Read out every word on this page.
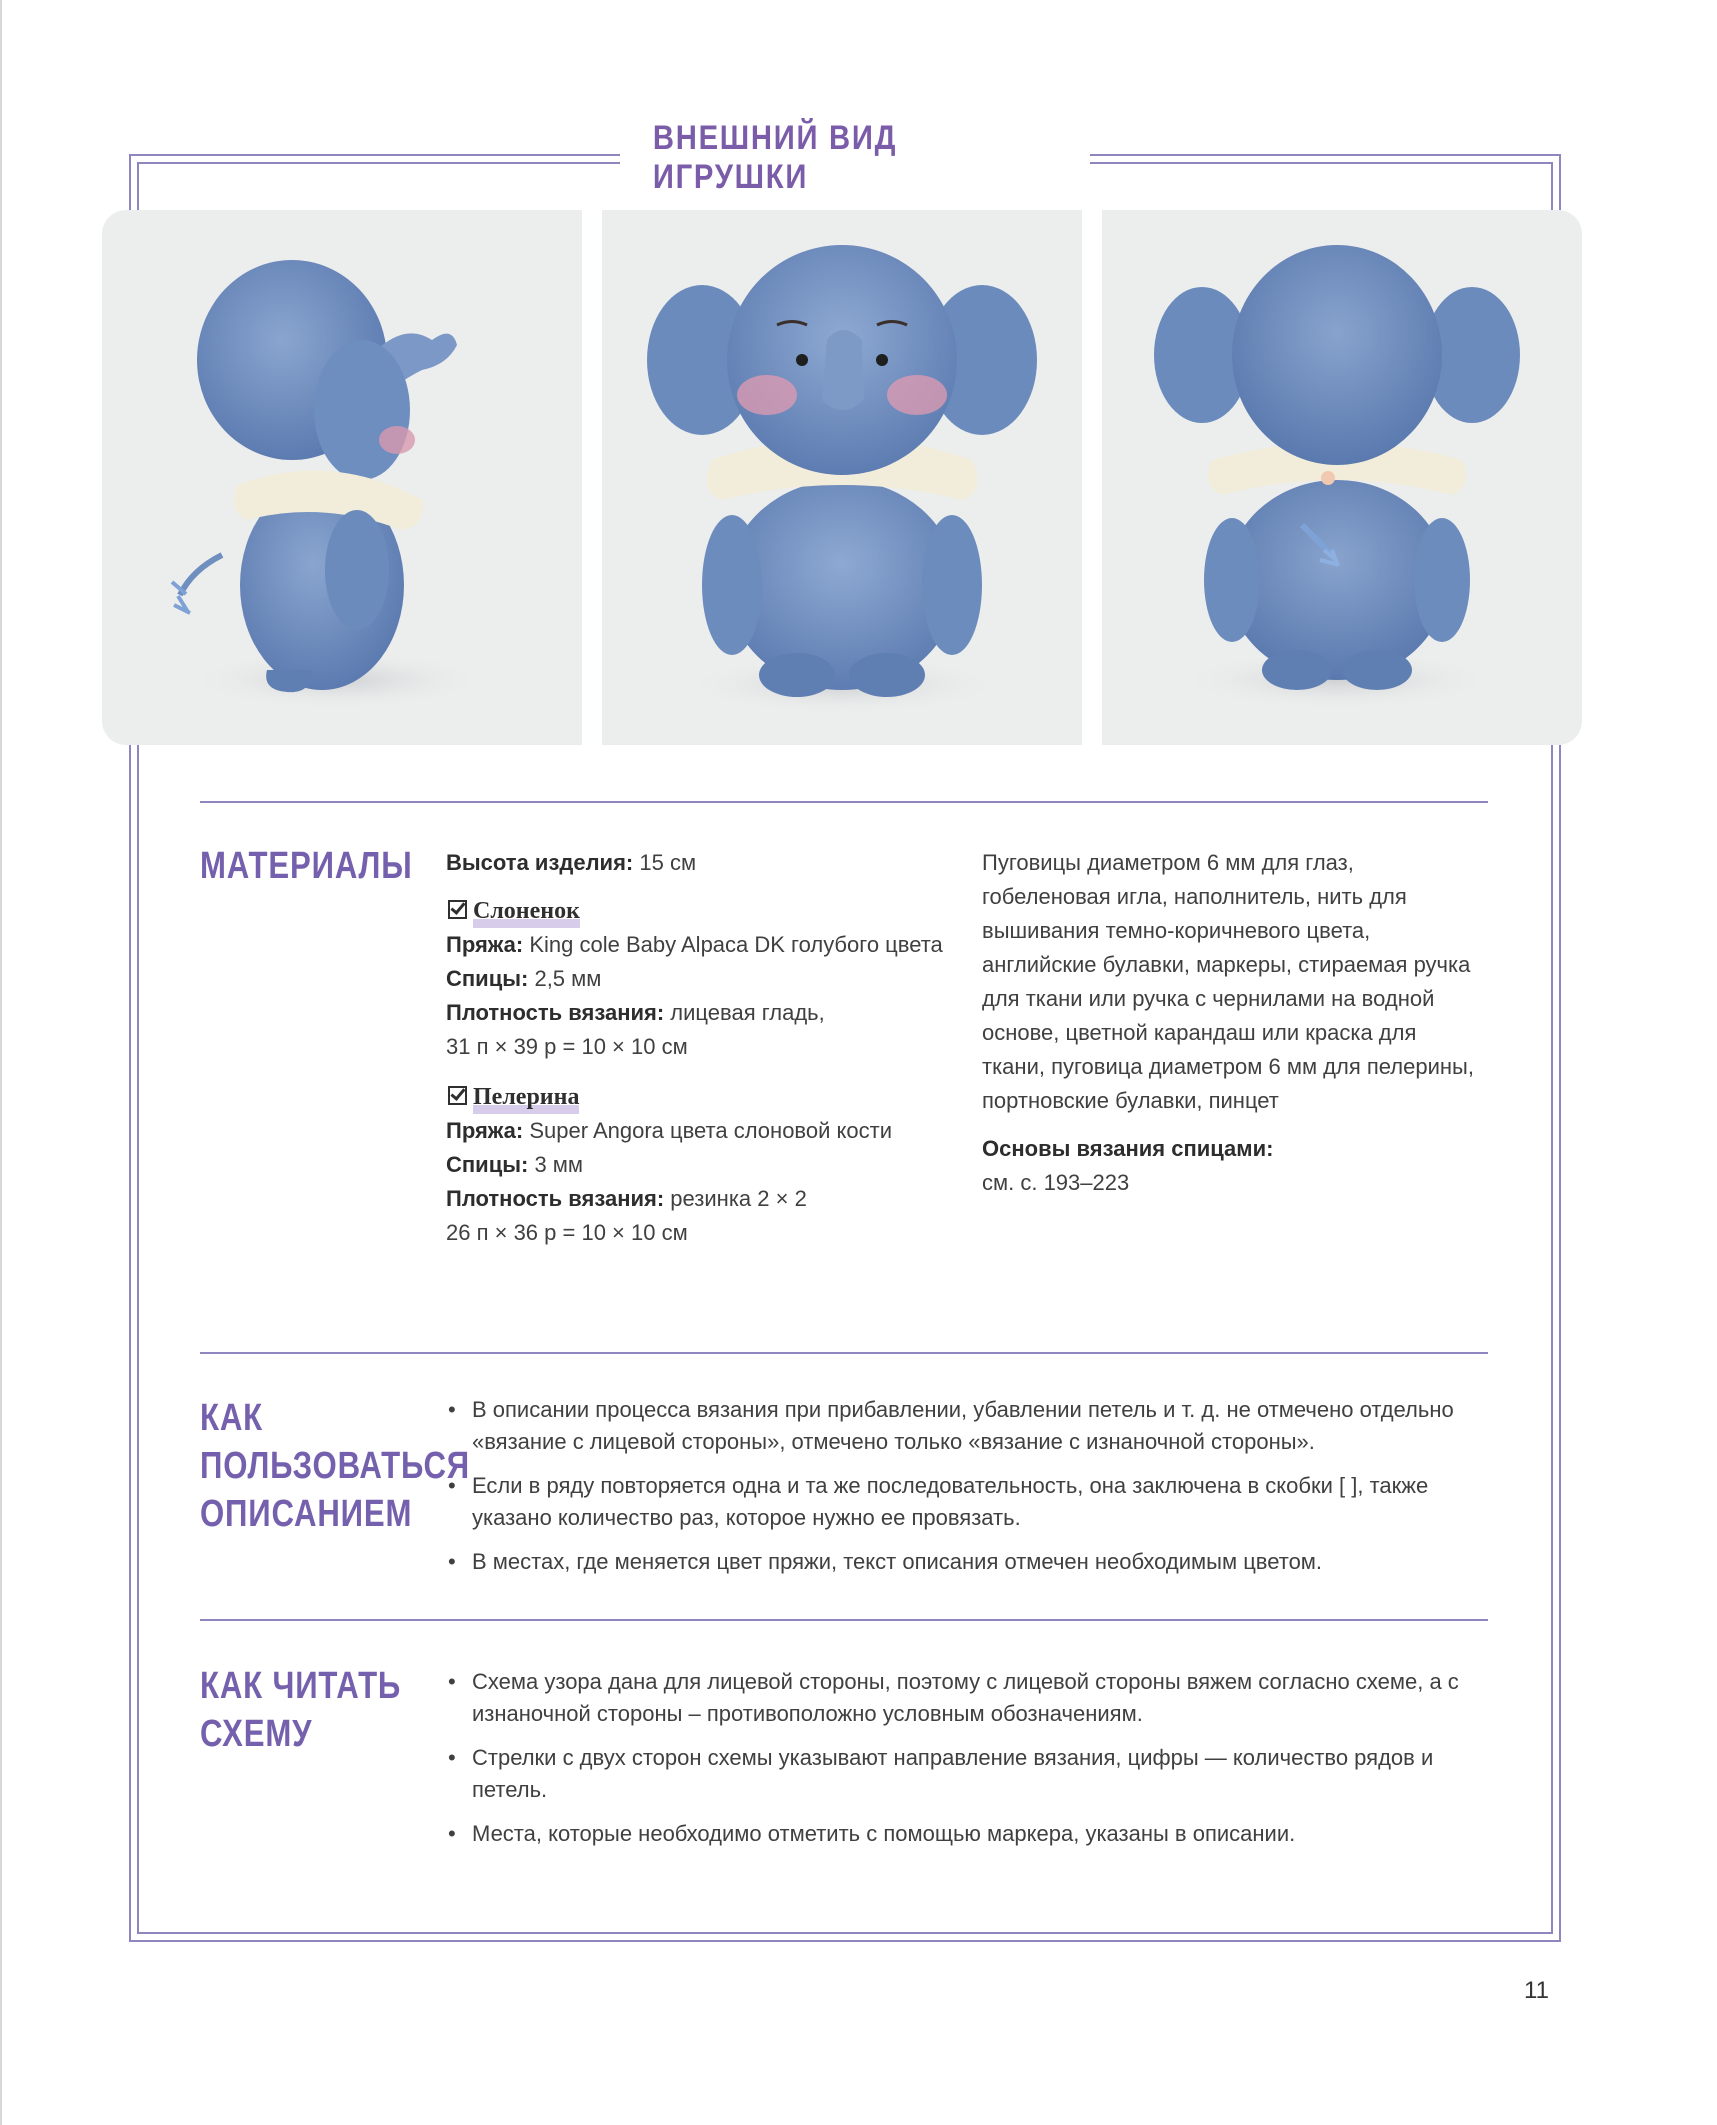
ВНЕШНИЙ ВИД ИГРУШКИ
МАТЕРИАЛЫ Высота изделия: 15 см
Слоненок
Пряжа: King cole Baby Alpaca DK голубого цвета
Спицы: 2,5 мм
Плотность вязания: лицевая гладь,
31 п × 39 р = 10 × 10 см
Пелерина
Пряжа: Super Angora цвета слоновой кости
Спицы: 3 мм
Плотность вязания: резинка 2 × 2
26 п × 36 р = 10 × 10 см
Пуговицы диаметром 6 мм для глаз, гобеленовая игла, наполнитель, нить для вышивания темно-коричневого цвета, английские булавки, маркеры, стираемая ручка для ткани или ручка с чернилами на водной основе, цветной карандаш или краска для ткани, пуговица диаметром 6 мм для пелерины, портновские булавки, пинцет
Основы вязания спицами:
см. с. 193–223
КАК
ПОЛЬЗОВАТЬСЯ
ОПИСАНИЕМ
• В описании процесса вязания при прибавлении, убавлении петель и т. д. не отмечено отдельно «вязание с лицевой стороны», отмечено только «вязание с изнаночной стороны».
• Если в ряду повторяется одна и та же последовательность, она заключена в скобки [ ], также указано количество раз, которое нужно ее провязать.
• В местах, где меняется цвет пряжи, текст описания отмечен необходимым цветом.
КАК ЧИТАТЬ
СХЕМУ
• Схема узора дана для лицевой стороны, поэтому с лицевой стороны вяжем согласно схеме, а с изнаночной стороны – противоположно условным обозначениям.
• Стрелки с двух сторон схемы указывают направление вязания, цифры — количество рядов и петель.
• Места, которые необходимо отметить с помощью маркера, указаны в описании.
11
